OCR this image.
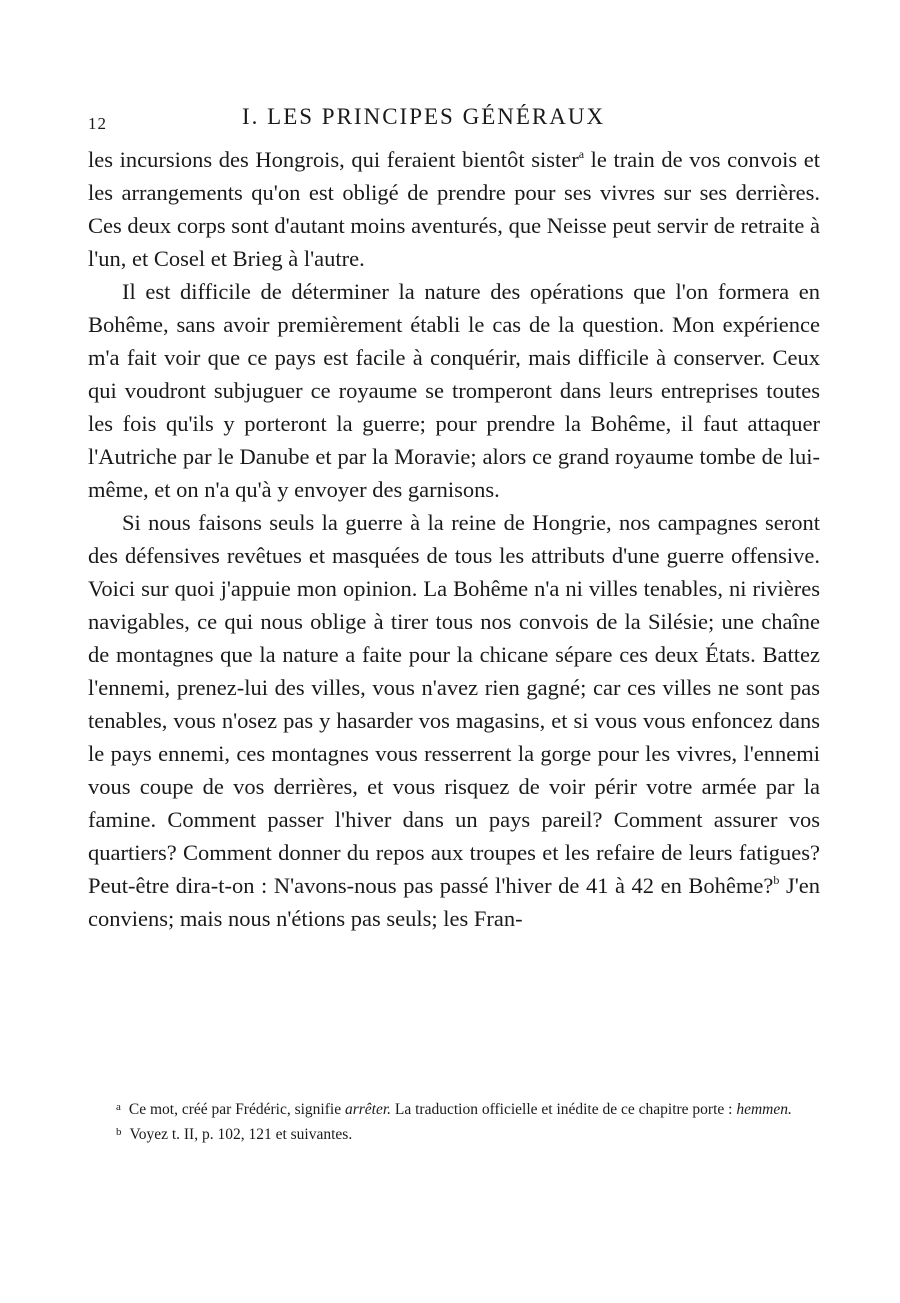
12	I. LES PRINCIPES GÉNÉRAUX

les incursions des Hongrois, qui feraient bientôt sister$^a$ le train de vos convois et les arrangements qu'on est obligé de prendre pour ses vivres sur ses derrières. Ces deux corps sont d'autant moins aventurés, que Neisse peut servir de retraite à l'un, et Cosel et Brieg à l'autre.

Il est difficile de déterminer la nature des opérations que l'on formera en Bohême, sans avoir premièrement établi le cas de la question. Mon expérience m'a fait voir que ce pays est facile à conquérir, mais difficile à conserver. Ceux qui voudront subjuguer ce royaume se tromperont dans leurs entreprises toutes les fois qu'ils y porteront la guerre; pour prendre la Bohême, il faut attaquer l'Autriche par le Danube et par la Moravie; alors ce grand royaume tombe de lui-même, et on n'a qu'à y envoyer des garnisons.

Si nous faisons seuls la guerre à la reine de Hongrie, nos campagnes seront des défensives revêtues et masquées de tous les attributs d'une guerre offensive. Voici sur quoi j'appuie mon opinion. La Bohême n'a ni villes tenables, ni rivières navigables, ce qui nous oblige à tirer tous nos convois de la Silésie; une chaîne de montagnes que la nature a faite pour la chicane sépare ces deux États. Battez l'ennemi, prenez-lui des villes, vous n'avez rien gagné; car ces villes ne sont pas tenables, vous n'osez pas y hasarder vos magasins, et si vous vous enfoncez dans le pays ennemi, ces montagnes vous resserrent la gorge pour les vivres, l'ennemi vous coupe de vos derrières, et vous risquez de voir périr votre armée par la famine. Comment passer l'hiver dans un pays pareil? Comment assurer vos quartiers? Comment donner du repos aux troupes et les refaire de leurs fatigues? Peut-être dira-t-on : N'avons-nous pas passé l'hiver de 41 à 42 en Bohême?$^b$ J'en conviens; mais nous n'étions pas seuls; les Fran-

$^a$ Ce mot, créé par Frédéric, signifie arrêter. La traduction officielle et inédite de ce chapitre porte : hemmen.

$^b$ Voyez t. II, p. 102, 121 et suivantes.
